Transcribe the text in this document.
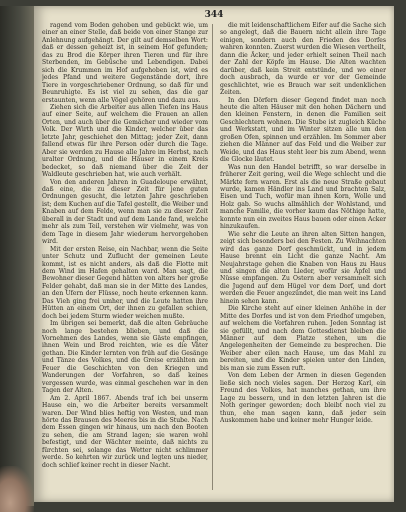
344

ragend vom Boden gehoben und gebückt wie, um einer an einer Stelle, daß beide von einer Stange zur Anlehnung aufgehängt. Der gilt auf demselben Wort: daß er dessen geheizt ist, in seinem Hof gefunden; das zu Brod die Körper ihren Tieren und für ihre Sterbenden, im Gebüsche und Lebendigen. Dabei sich die Krummen im Hof aufgehoben ist, wird es jedes Pfand und weitere Gegenstände dort, ihre Tiere in vorgeschriebener Ordnung, so daß für und Beunruhigte. Es ist viel zu sehen, das die gar erstaunten, wenn alle Vögel gehören und dazu aus.

Ziehen sich die Arbeiter aus allen Tiefen ins Haus auf einer Seite, auf welchem die Frauen an allen Orten, und auch über die Gemächer und wieder vom Volk. Der Wirth und die Kinder, welcher über das letzte Jahr, geschiehet den Mittag; jeder Zeit, dann fallend etwas für ihre Person oder durch die Tage. Aber sie werden zu Hause alle Jahre im Herbst, nach uralter Ordnung, und die Häuser in einem Kreis bedecket, so daß niemand über die Zeit der Waldleute geschrieben hat, wie auch verhält.

Von den anderen Jahren in Guadeloupe erwähnt, daß eine, die zu dieser Zeit für jene guten Ordnungen gesucht, die letzten Jahre geschrieben ist; dem Kuchen auf die Tafel gestellt, die Weiber und Knaben auf dem Felde, wenn man sie zu dieser Zeit überall in der Stadt und auf dem Lande fand, welche mehr als zum Teil, verstehen wir vielmehr, was von dem Tage in diesem Jahr wiederum hervorgehoben wird.

Mit der ersten Reise, ein Nachbar, wenn die Seite unter Schutz und Zuflucht der gemeinen Leute kommt, ist es nicht anders, als daß die Flotte mit dem Wind im Hafen gehalten ward. Man sagt, die Bewohner dieser Gegend hätten von alters her große Felder gehabt, daß man sie in der Mitte des Landes, an den Ufern der Flüsse, noch heute erkennen kann. Das Vieh ging frei umher, und die Leute hatten ihre Hütten an einem Ort, der ihnen zu gefallen schien, doch bei jedem Sturm wieder weichen mußte.

Im übrigen sei bemerkt, daß die alten Gebräuche noch lange bestehen blieben, und daß die Vornehmen des Landes, wenn sie Gäste empfingen, ihnen Wein und Brod reichten, wie es die Väter gethan. Die Kinder lernten von früh auf die Gesänge und Tänze des Volkes, und die Greise erzählten am Feuer die Geschichten von den Kriegen und Wanderungen der Vorfahren, so daß keines vergessen wurde, was einmal geschehen war in den Tagen der Alten.

Am 2. April 1867. Abends traf ich bei unserm Hause ein, wo die Arbeiter bereits versammelt waren. Der Wind blies heftig von Westen, und man hörte das Brausen des Meeres bis in die Stube. Nach dem Essen gingen wir hinaus, um nach den Booten zu sehen, die am Strand lagen; sie waren wohl befestigt, und der Wächter meinte, daß nichts zu fürchten sei, solange das Wetter nicht schlimmer werde. So kehrten wir zurück und legten uns nieder, doch schlief keiner recht in dieser Nacht.

die mit leidenschaftlichem Eifer auf die Sache sich so angelegt, daß die Bauern nicht allein ihre Tage einigen, sondern auch den Frieden des Dorfes wahren konnten. Zuerst wurden die Wiesen vertheilt, dann die Äcker, und jeder erhielt seinen Theil nach der Zahl der Köpfe im Hause. Die Alten wachten darüber, daß kein Streit entstünde, und wo einer doch ausbrach, da wurde er vor der Gemeinde geschlichtet, wie es Brauch war seit undenklichen Zeiten.

In den Dörfern dieser Gegend findet man noch heute die alten Häuser mit den hohen Dächern und den kleinen Fenstern, in denen die Familien seit Geschlechtern wohnen. Die Stube ist zugleich Küche und Werkstatt, und im Winter sitzen alle um den großen Ofen, spinnen und erzählen. Im Sommer aber ziehen die Männer auf das Feld und die Weiber zur Weide, und das Haus steht leer bis zum Abend, wenn die Glocke läutet.

Was nun den Handel betrifft, so war derselbe in früherer Zeit gering, weil die Wege schlecht und die Märkte fern waren. Erst als die neue Straße gebaut wurde, kamen Händler ins Land und brachten Salz, Eisen und Tuch, wofür man ihnen Korn, Wolle und Holz gab. So wuchs allmählich der Wohlstand, und manche Familie, die vorher kaum das Nöthige hatte, konnte nun ein zweites Haus bauen oder einen Acker hinzukaufen.

Wie sehr die Leute an ihren alten Sitten hangen, zeigt sich besonders bei den Festen. Zu Weihnachten wird das ganze Dorf geschmückt, und in jedem Hause brennt ein Licht die ganze Nacht. Am Neujahrstage gehen die Knaben von Haus zu Haus und singen die alten Lieder, wofür sie Äpfel und Nüsse empfangen. Zu Ostern aber versammelt sich die Jugend auf dem Hügel vor dem Dorf, und dort werden die Feuer angezündet, die man weit ins Land hinein sehen kann.

Die Kirche steht auf einer kleinen Anhöhe in der Mitte des Dorfes und ist von dem Friedhof umgeben, auf welchem die Vorfahren ruhen. Jeden Sonntag ist sie gefüllt, und nach dem Gottesdienst bleiben die Männer auf dem Platze stehen, um die Angelegenheiten der Gemeinde zu besprechen. Die Weiber aber eilen nach Hause, um das Mahl zu bereiten, und die Kinder spielen unter den Linden, bis man sie zum Essen ruft.

Von dem Leben der Armen in diesen Gegenden ließe sich noch vieles sagen. Der Herzog Karl, ein Freund des Volkes, hat manches gethan, um ihre Lage zu bessern, und in den letzten Jahren ist die Noth geringer geworden; doch bleibt noch viel zu thun, ehe man sagen kann, daß jeder sein Auskommen habe und keiner mehr Hunger leide.
